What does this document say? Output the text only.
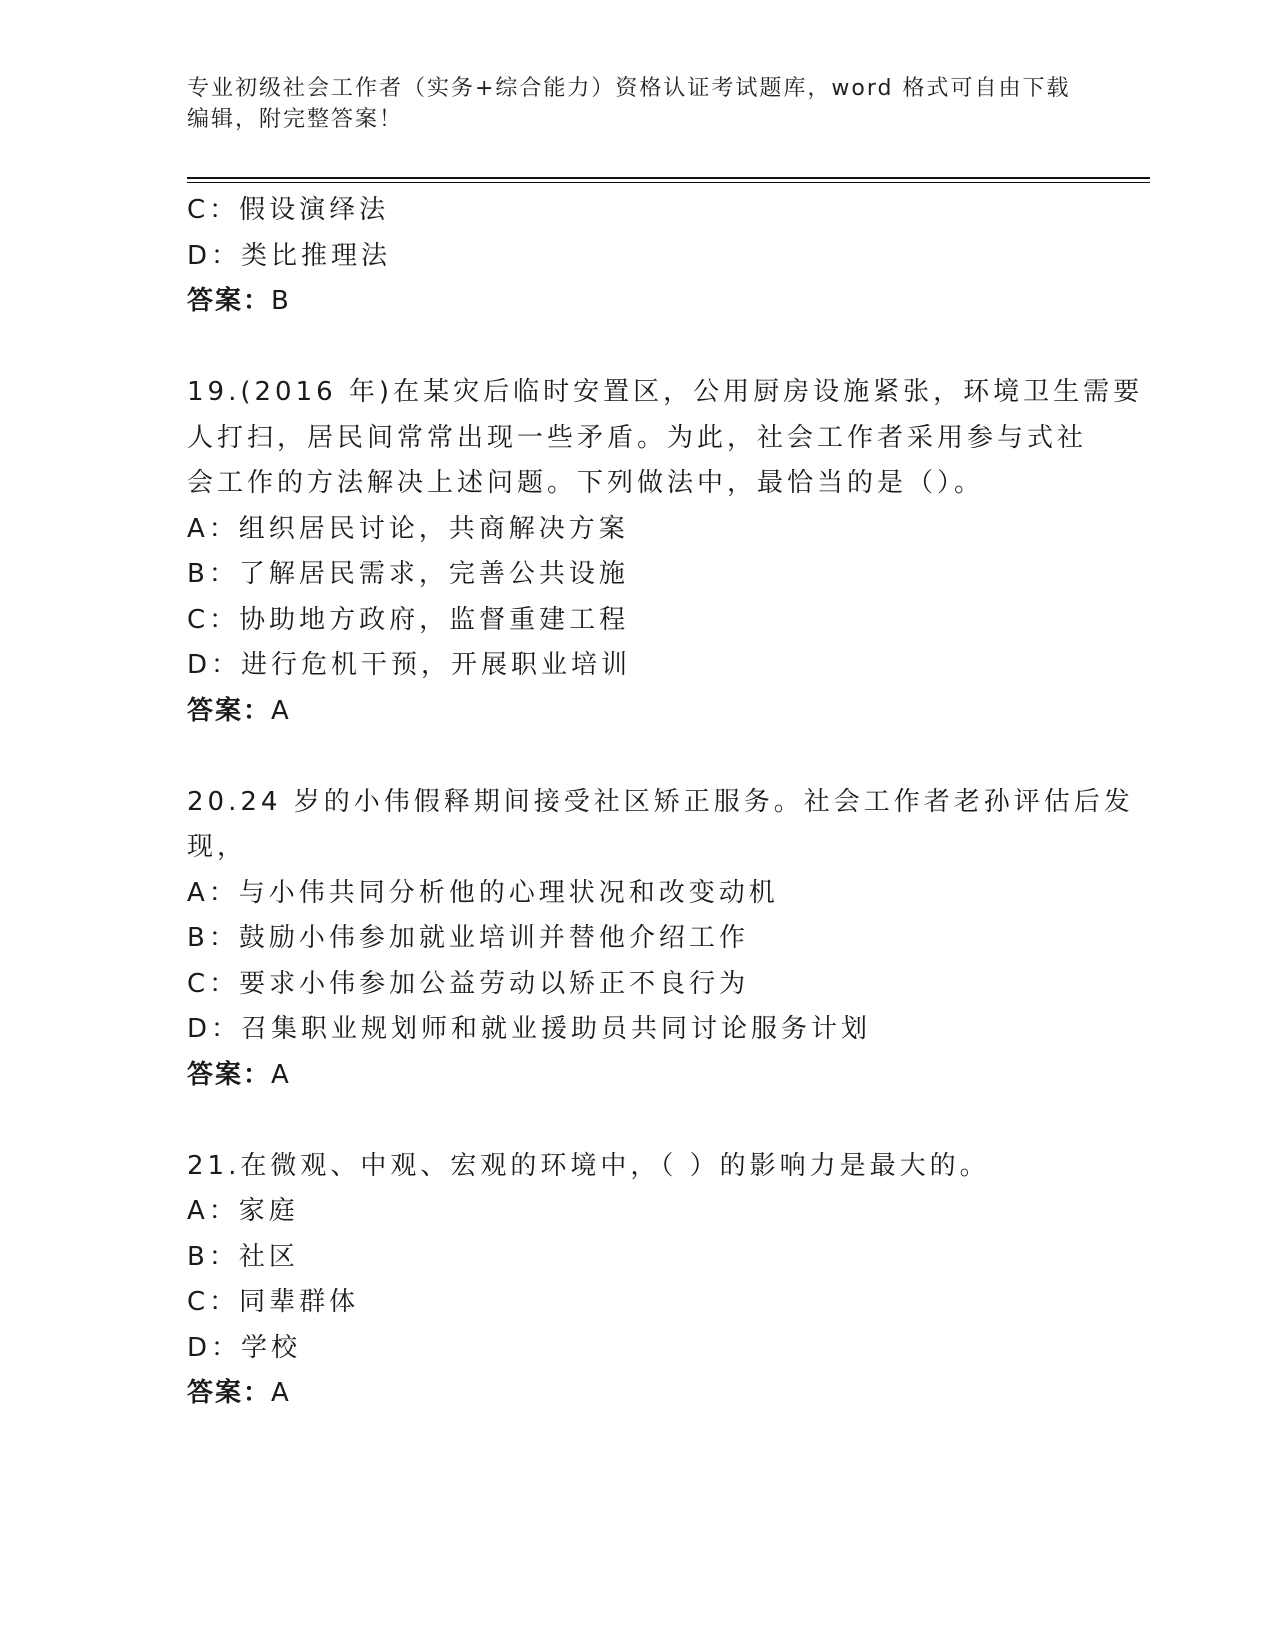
专业初级社会工作者（实务+综合能力）资格认证考试题库，word 格式可自由下载
编辑，附完整答案！
C：假设演绎法
D：类比推理法
答案：B
19.(2016 年)在某灾后临时安置区，公用厨房设施紧张，环境卫生需要
人打扫，居民间常常出现一些矛盾。为此，社会工作者采用参与式社
会工作的方法解决上述问题。下列做法中，最恰当的是（）。
A：组织居民讨论，共商解决方案
B：了解居民需求，完善公共设施
C：协助地方政府，监督重建工程
D：进行危机干预，开展职业培训
答案：A
20.24 岁的小伟假释期间接受社区矫正服务。社会工作者老孙评估后发
现，
A：与小伟共同分析他的心理状况和改变动机
B：鼓励小伟参加就业培训并替他介绍工作
C：要求小伟参加公益劳动以矫正不良行为
D：召集职业规划师和就业援助员共同讨论服务计划
答案：A
21.在微观、中观、宏观的环境中，（ ）的影响力是最大的。
A：家庭
B：社区
C：同辈群体
D：学校
答案：A
